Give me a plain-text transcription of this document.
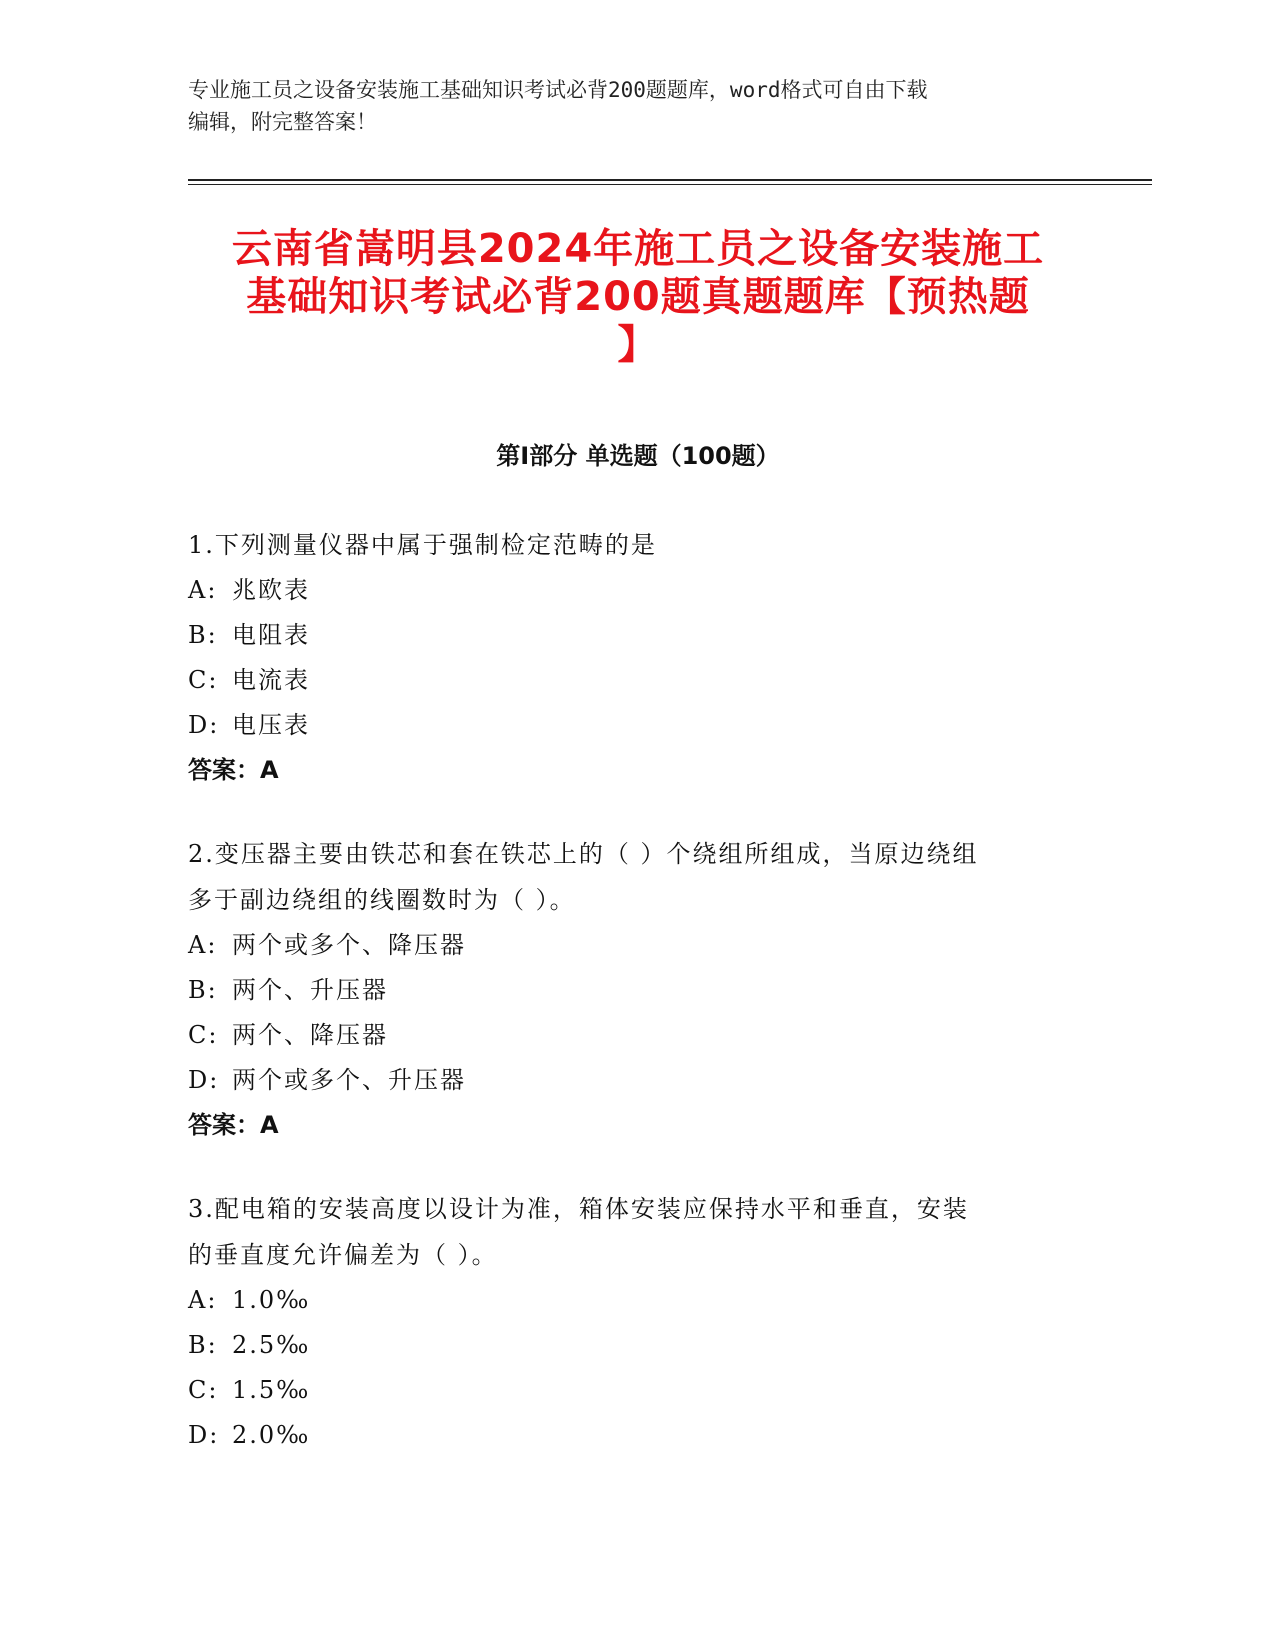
专业施工员之设备安装施工基础知识考试必背200题题库，word格式可自由下载
编辑，附完整答案！
云南省嵩明县2024年施工员之设备安装施工
基础知识考试必背200题真题题库【预热题
】
第I部分 单选题（100题）
1.下列测量仪器中属于强制检定范畴的是
A: 兆欧表
B: 电阻表
C: 电流表
D: 电压表
答案：A
2.变压器主要由铁芯和套在铁芯上的（ ）个绕组所组成，当原边绕组
多于副边绕组的线圈数时为（ ）。
A: 两个或多个、降压器
B: 两个、升压器
C: 两个、降压器
D: 两个或多个、升压器
答案：A
3.配电箱的安装高度以设计为准，箱体安装应保持水平和垂直，安装
的垂直度允许偏差为（ ）。
A: 1.0‰
B: 2.5‰
C: 1.5‰
D: 2.0‰
